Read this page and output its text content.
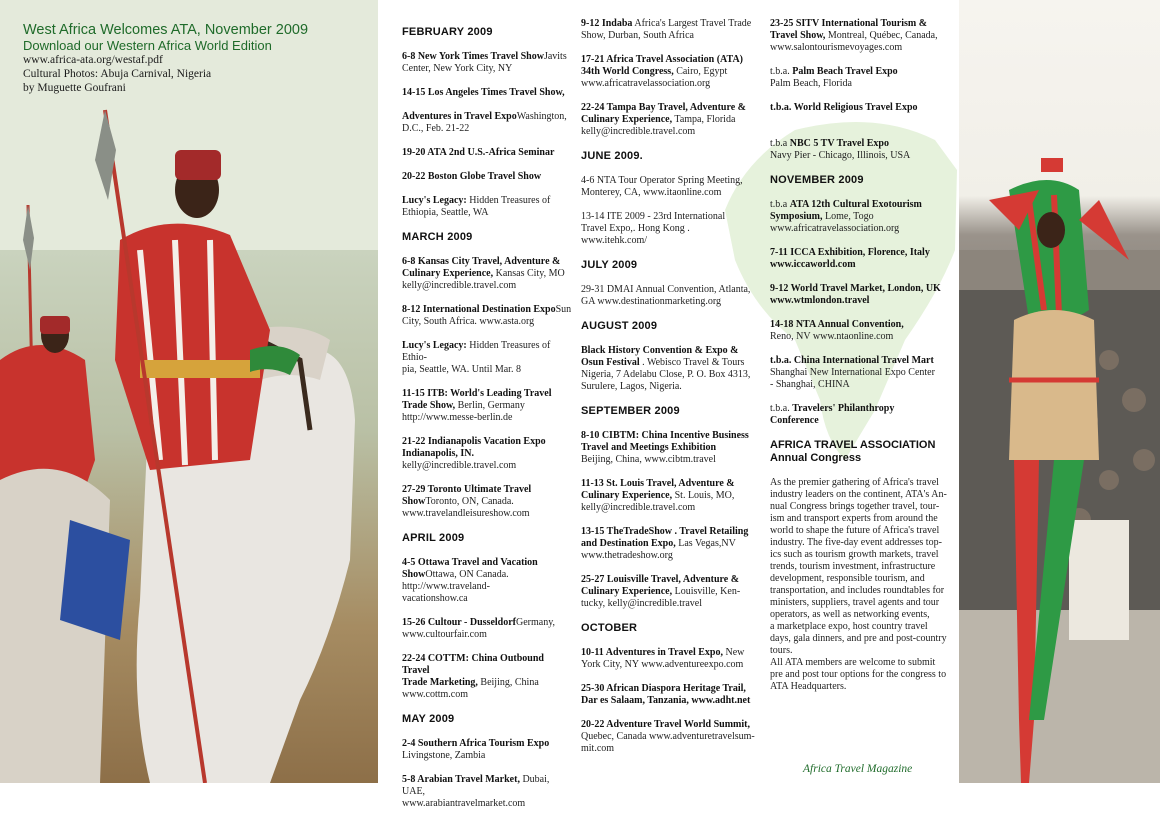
West Africa Welcomes ATA, November 2009
Download our Western Africa World Edition
www.africa-ata.org/westaf.pdf
Cultural Photos: Abuja Carnival, Nigeria
by Muguette Goufrani
FEBRUARY 2009
6-8 New York Times Travel ShowJavits Center, New York City, NY
14-15 Los Angeles Times Travel Show,
Adventures in Travel ExpoWashington, D.C., Feb. 21-22
19-20 ATA 2nd U.S.-Africa Seminar
20-22 Boston Globe Travel Show
Lucy's Legacy: Hidden Treasures of
Ethiopia, Seattle, WA
MARCH 2009
6-8 Kansas City Travel, Adventure &
Culinary Experience, Kansas City, MO
kelly@incredible.travel.com
8-12 International Destination ExpoSun City, South Africa. www.asta.org
Lucy's Legacy: Hidden Treasures of Ethio-
pia, Seattle, WA. Until Mar. 8
11-15 ITB: World's Leading Travel
Trade Show, Berlin, Germany
http://www.messe-berlin.de
21-22 Indianapolis Vacation Expo
Indianapolis, IN.
kelly@incredible.travel.com
27-29 Toronto Ultimate Travel ShowToronto, ON, Canada.
www.travelandleisureshow.com
APRIL 2009
4-5 Ottawa Travel and Vacation ShowOttawa, ON Canada. http://www.traveland-
vacationshow.ca
15-26 Cultour - DusseldorfGermany, www.cultourfair.com
22-24 COTTM: China Outbound Travel
Trade Marketing, Beijing, China
www.cottm.com
MAY 2009
2-4 Southern Africa Tourism Expo Livingstone, Zambia
5-8 Arabian Travel Market, Dubai, UAE,
www.arabiantravelmarket.com
9-12 Indaba Africa's Largest Travel Trade
Show, Durban, South Africa
17-21 Africa Travel Association (ATA)
34th World Congress, Cairo, Egypt
www.africatravelassociation.org
22-24 Tampa Bay Travel, Adventure &
Culinary Experience, Tampa, Florida
kelly@incredible.travel.com
JUNE 2009.
4-6 NTA Tour Operator Spring Meeting,
Monterey, CA, www.itaonline.com
13-14 ITE 2009 - 23rd International
Travel Expo,. Hong Kong .
www.itehk.com/
JULY 2009
29-31 DMAI Annual Convention, Atlanta,
GA www.destinationmarketing.org
AUGUST 2009
Black History Convention & Expo &
Osun Festival . Webisco Travel & Tours
Nigeria, 7 Adelabu Close, P. O. Box 4313,
Surulere, Lagos, Nigeria.
SEPTEMBER 2009
8-10 CIBTM: China Incentive Business
Travel and Meetings Exhibition
Beijing, China, www.cibtm.travel
11-13 St. Louis Travel, Adventure &
Culinary Experience, St. Louis, MO,
kelly@incredible.travel.com
13-15 TheTradeShow . Travel Retailing
and Destination Expo, Las Vegas,NV
www.thetradeshow.org
25-27 Louisville Travel, Adventure &
Culinary Experience, Louisville, Ken-
tucky, kelly@incredible.travel
OCTOBER
10-11 Adventures in Travel Expo, New
York City, NY www.adventureexpo.com
25-30 African Diaspora Heritage Trail,
Dar es Salaam, Tanzania, www.adht.net
20-22 Adventure Travel World Summit,
Quebec, Canada www.adventuretravelsum-
mit.com
23-25 SITV International Tourism &
Travel Show, Montreal, Québec, Canada,
www.salontourismevoyages.com
t.b.a. Palm Beach Travel Expo
Palm Beach, Florida
t.b.a. World Religious Travel Expo
t.b.a NBC 5 TV Travel Expo
Navy Pier - Chicago, Illinois, USA
NOVEMBER 2009
t.b.a ATA 12th Cultural Exotourism
Symposium, Lome, Togo
www.africatravelassociation.org
7-11 ICCA Exhibition, Florence, Italy
www.iccaworld.com
9-12 World Travel Market, London, UK
www.wtmlondon.travel
14-18 NTA Annual Convention,
Reno, NV www.ntaonline.com
t.b.a. China International Travel Mart
Shanghai New International Expo Center
- Shanghai, CHINA
t.b.a. Travelers' Philanthropy
Conference
AFRICA TRAVEL ASSOCIATION
Annual Congress
As the premier gathering of Africa's travel
industry leaders on the continent, ATA's An-
nual Congress brings together travel, tour-
ism and transport experts from around the
world to shape the future of Africa's travel
industry. The five-day event addresses top-
ics such as tourism growth markets, travel
trends, tourism investment, infrastructure
development, responsible tourism, and
transportation, and includes roundtables for
ministers, suppliers, travel agents and tour
operators, as well as networking events,
a marketplace expo, host country travel
days, gala dinners, and pre and post-country
tours.
All ATA members are welcome to submit
pre and post tour options for the congress to
ATA Headquarters.
Africa Travel Magazine
